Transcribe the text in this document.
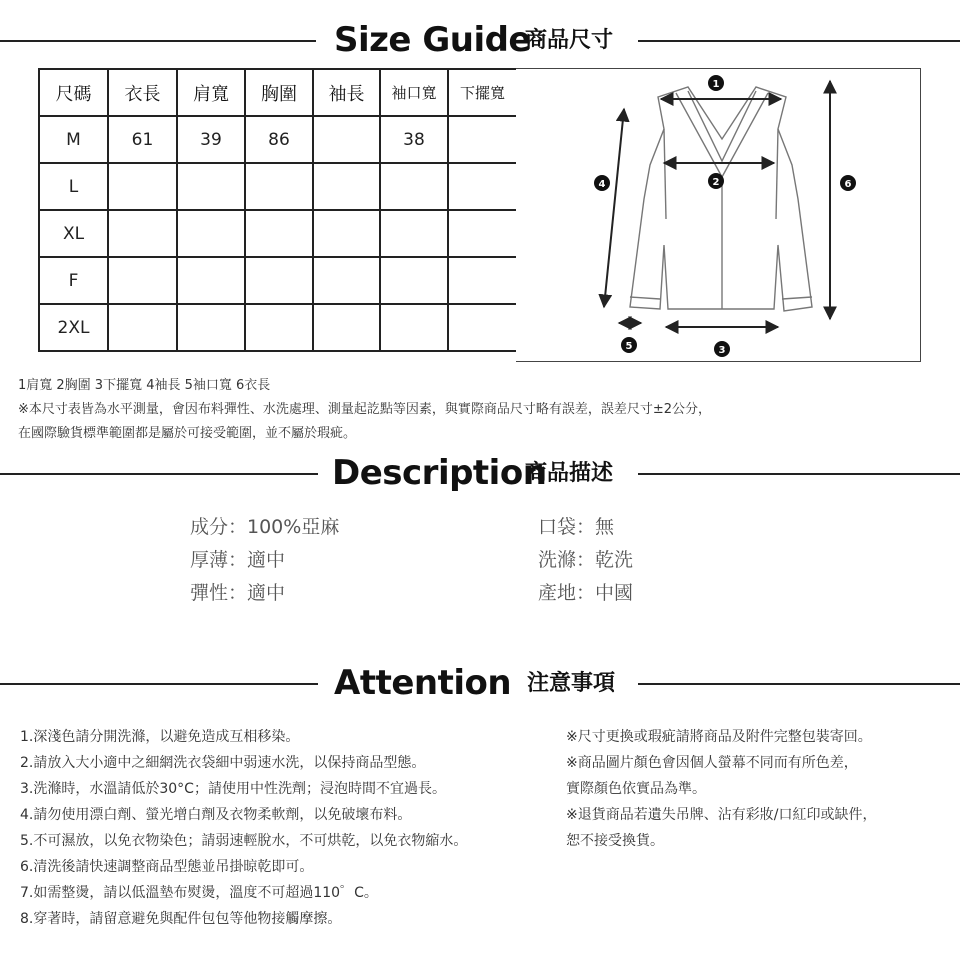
Size Guide
商品尺寸
尺碼	衣長	肩寬	胸圍	袖長	袖口寬	下擺寬
M	61	39	86		38	
L						
XL						
F						
2XL						
1
2
3
4
5
6
1肩寬 2胸圍 3下擺寬 4袖長 5袖口寬 6衣長
※本尺寸表皆為水平測量，會因布料彈性、水洗處理、測量起訖點等因素，與實際商品尺寸略有誤差，誤差尺寸±2公分，
在國際驗貨標準範圍都是屬於可接受範圍，並不屬於瑕疵。
Description
商品描述
成分：100%亞麻
厚薄：適中
彈性：適中
口袋：無
洗滌：乾洗
產地：中國
Attention 注意事項
1.深淺色請分開洗滌，以避免造成互相移染。
2.請放入大小適中之細網洗衣袋細中弱速水洗，以保持商品型態。
3.洗滌時，水溫請低於30°C；請使用中性洗劑；浸泡時間不宜過長。
4.請勿使用漂白劑、螢光增白劑及衣物柔軟劑，以免破壞布料。
5.不可濕放，以免衣物染色；請弱速輕脫水，不可烘乾，以免衣物縮水。
6.清洗後請快速調整商品型態並吊掛晾乾即可。
7.如需整燙，請以低溫墊布熨燙，溫度不可超過110゜C。
8.穿著時，請留意避免與配件包包等他物接觸摩擦。
※尺寸更換或瑕疵請將商品及附件完整包裝寄回。
※商品圖片顏色會因個人螢幕不同而有所色差，
實際顏色依實品為準。
※退貨商品若遺失吊牌、沾有彩妝/口紅印或缺件，
恕不接受換貨。
